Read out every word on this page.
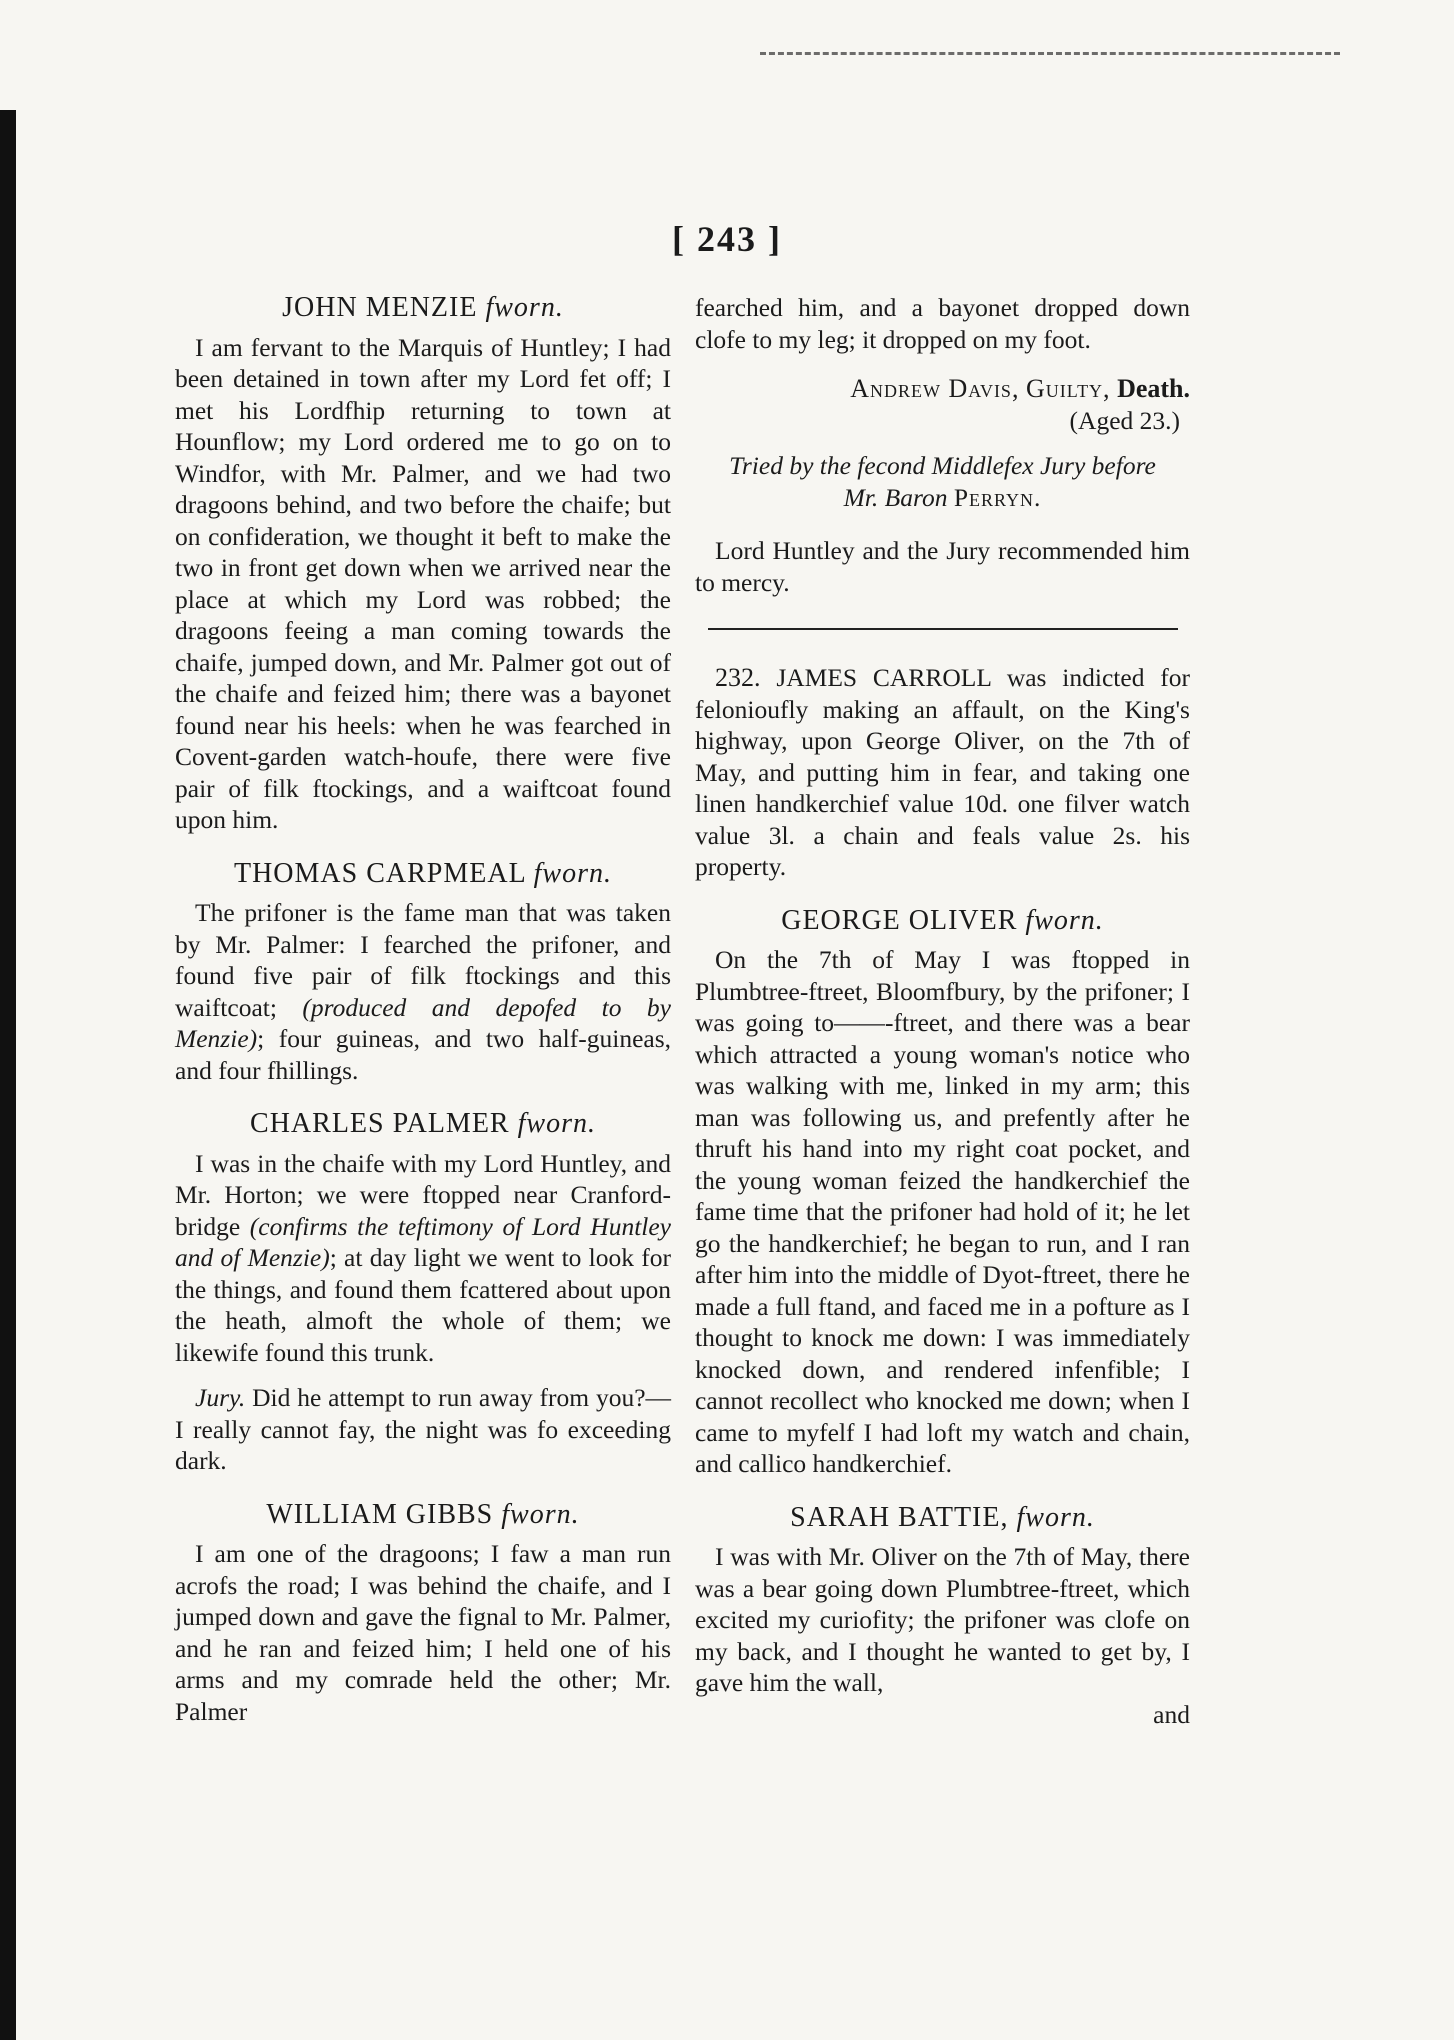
[ 243 ]
JOHN MENZIE fworn.

I am fervant to the Marquis of Huntley; I had been detained in town after my Lord fet off; I met his Lordfhip returning to town at Hounflow; my Lord ordered me to go on to Windfor, with Mr. Palmer, and we had two dragoons behind, and two before the chaife; but on confideration, we thought it beft to make the two in front get down when we arrived near the place at which my Lord was robbed; the dragoons feeing a man coming towards the chaife, jumped down, and Mr. Palmer got out of the chaife and feized him; there was a bayonet found near his heels: when he was fearched in Covent-garden watch-houfe, there were five pair of filk ftockings, and a waiftcoat found upon him.

THOMAS CARPMEAL fworn.

The prifoner is the fame man that was taken by Mr. Palmer: I fearched the prifoner, and found five pair of filk ftockings and this waiftcoat; (produced and depofed to by Menzie); four guineas, and two half-guineas, and four fhillings.

CHARLES PALMER fworn.

I was in the chaife with my Lord Huntley, and Mr. Horton; we were ftopped near Cranford-bridge (confirms the teftimony of Lord Huntley and of Menzie); at day light we went to look for the things, and found them fcattered about upon the heath, almoft the whole of them; we likewife found this trunk.

Jury. Did he attempt to run away from you?—I really cannot fay, the night was fo exceeding dark.

WILLIAM GIBBS fworn.

I am one of the dragoons; I faw a man run acrofs the road; I was behind the chaife, and I jumped down and gave the fignal to Mr. Palmer, and he ran and feized him; I held one of his arms and my comrade held the other; Mr. Palmer

fearched him, and a bayonet dropped down clofe to my leg; it dropped on my foot.

Andrew Davis, Guilty, Death.
(Aged 23.)
Tried by the fecond Middlefex Jury before
Mr. Baron Perryn.

Lord Huntley and the Jury recommended him to mercy.

232. JAMES CARROLL was indicted for felonioufly making an affault, on the King's highway, upon George Oliver, on the 7th of May, and putting him in fear, and taking one linen handkerchief value 10d. one filver watch value 3l. a chain and feals value 2s. his property.

GEORGE OLIVER fworn.

On the 7th of May I was ftopped in Plumbtree-ftreet, Bloomfbury, by the prifoner; I was going to——-ftreet, and there was a bear which attracted a young woman's notice who was walking with me, linked in my arm; this man was following us, and prefently after he thruft his hand into my right coat pocket, and the young woman feized the handkerchief the fame time that the prifoner had hold of it; he let go the handkerchief; he began to run, and I ran after him into the middle of Dyot-ftreet, there he made a full ftand, and faced me in a pofture as I thought to knock me down: I was immediately knocked down, and rendered infenfible; I cannot recollect who knocked me down; when I came to myfelf I had loft my watch and chain, and callico handkerchief.

SARAH BATTIE, fworn.

I was with Mr. Oliver on the 7th of May, there was a bear going down Plumbtree-ftreet, which excited my curiofity; the prifoner was clofe on my back, and I thought he wanted to get by, I gave him the wall,

and
